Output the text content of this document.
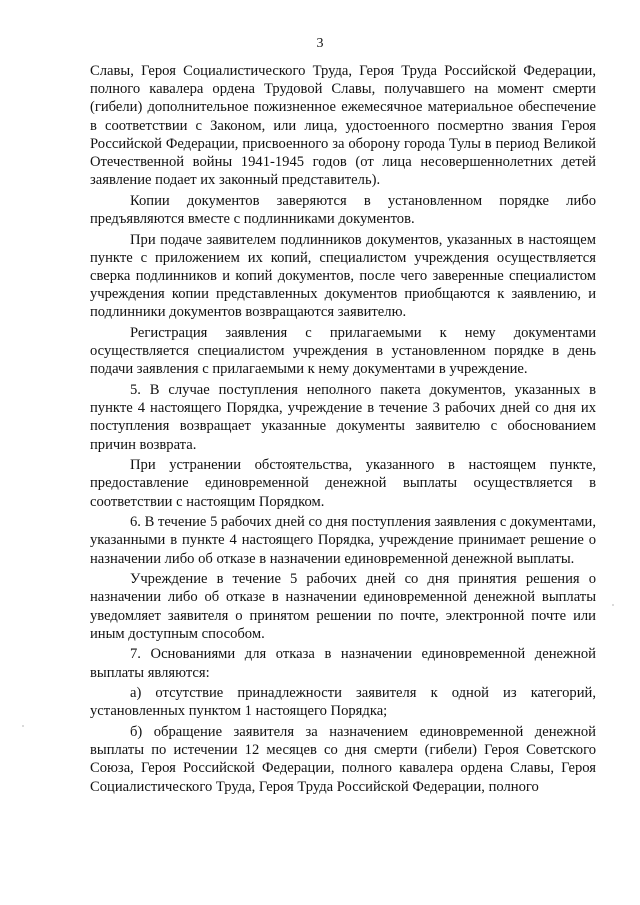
3

Славы, Героя Социалистического Труда, Героя Труда Российской Федерации, полного кавалера ордена Трудовой Славы, получавшего на момент смерти (гибели) дополнительное пожизненное ежемесячное материальное обеспечение в соответствии с Законом, или лица, удостоенного посмертно звания Героя Российской Федерации, присвоенного за оборону города Тулы в период Великой Отечественной войны 1941-1945 годов (от лица несовершеннолетних детей заявление подает их законный представитель).

Копии документов заверяются в установленном порядке либо предъявляются вместе с подлинниками документов.

При подаче заявителем подлинников документов, указанных в настоящем пункте с приложением их копий, специалистом учреждения осуществляется сверка подлинников и копий документов, после чего заверенные специалистом учреждения копии представленных документов приобщаются к заявлению, и подлинники документов возвращаются заявителю.

Регистрация заявления с прилагаемыми к нему документами осуществляется специалистом учреждения в установленном порядке в день подачи заявления с прилагаемыми к нему документами в учреждение.

5. В случае поступления неполного пакета документов, указанных в пункте 4 настоящего Порядка, учреждение в течение 3 рабочих дней со дня их поступления возвращает указанные документы заявителю с обоснованием причин возврата.

При устранении обстоятельства, указанного в настоящем пункте, предоставление единовременной денежной выплаты осуществляется в соответствии с настоящим Порядком.

6. В течение 5 рабочих дней со дня поступления заявления с документами, указанными в пункте 4 настоящего Порядка, учреждение принимает решение о назначении либо об отказе в назначении единовременной денежной выплаты.

Учреждение в течение 5 рабочих дней со дня принятия решения о назначении либо об отказе в назначении единовременной денежной выплаты уведомляет заявителя о принятом решении по почте, электронной почте или иным доступным способом.

7. Основаниями для отказа в назначении единовременной денежной выплаты являются:

а) отсутствие принадлежности заявителя к одной из категорий, установленных пунктом 1 настоящего Порядка;

б) обращение заявителя за назначением единовременной денежной выплаты по истечении 12 месяцев со дня смерти (гибели) Героя Советского Союза, Героя Российской Федерации, полного кавалера ордена Славы, Героя Социалистического Труда, Героя Труда Российской Федерации, полного
